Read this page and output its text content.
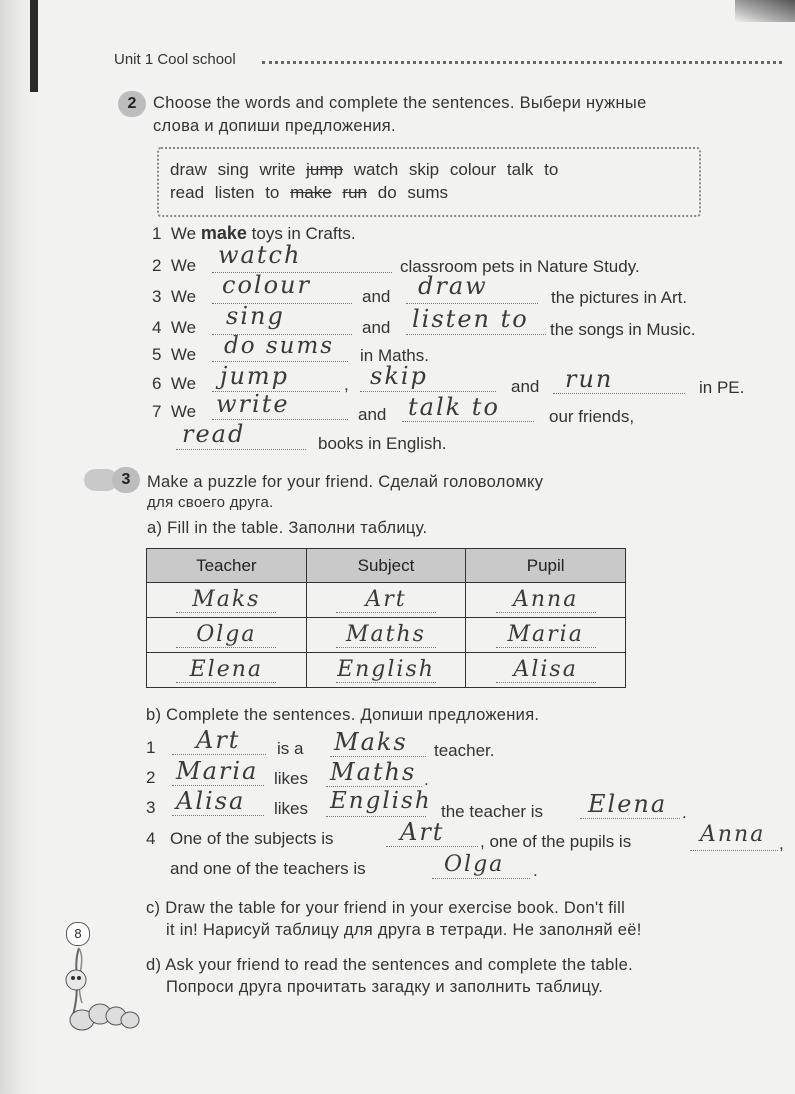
Unit 1 Cool school
2	Choose the words and complete the sentences. Выбери нужные
слова и допиши предложения.
draw sing write jump watch skip colour talk to
read listen to make run do sums
1 We make toys in Crafts.
2 We watch	classroom pets in Nature Study.
3 We colour	and draw	the pictures in Art.
4 We sing	and listen to the songs in Music.
5 We do sums in Maths.
6 We jump	, skip	and run	in PE.
7 We write	and talk to	our friends,
read	books in English.
3	Make a puzzle for your friend. Сделай головоломку
для своего друга.
a) Fill in the table. Заполни таблицу.
Teacher	Subject	Pupil
Maks	Art	Anna
Olga	Maths	Maria
Elena	English	Alisa
b) Complete the sentences. Допиши предложения.
1 Art is a Maks teacher.
2 Maria likes Maths .
3 Alisa likes English the teacher is Elena .
4 One of the subjects is	Art , one of the pupils is	Anna ,
and one of the teachers is	Olga .
c) Draw the table for your friend in your exercise book. Don't fill
it in! Нарисуй таблицу для друга в тетради. Не заполняй её!
d) Ask your friend to read the sentences and complete the table.
Попроси друга прочитать загадку и заполнить таблицу.
8
